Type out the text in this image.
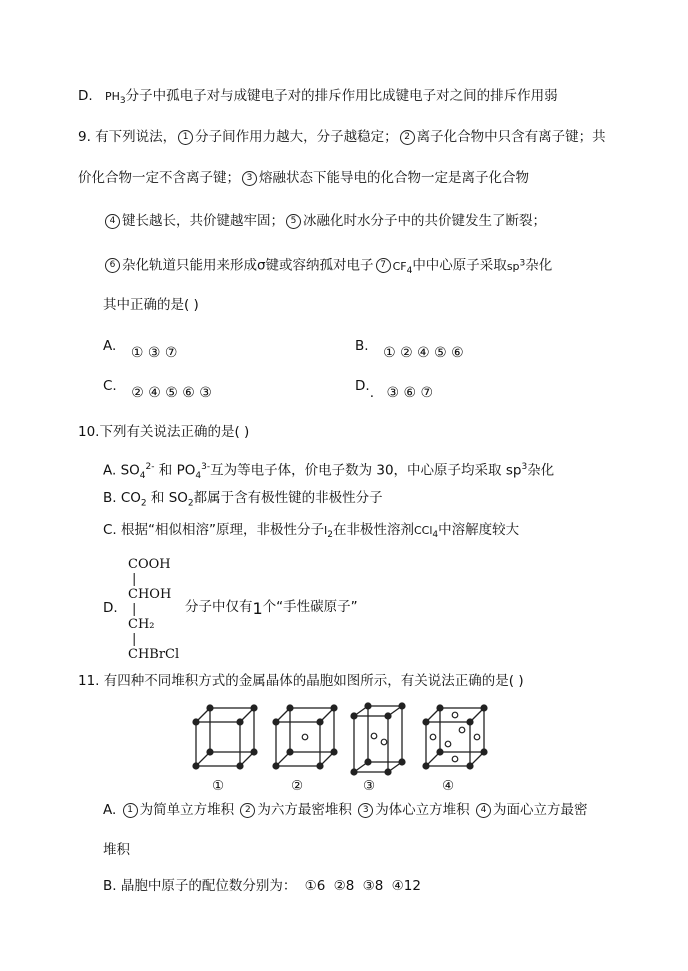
D. $PH_3$分子中孤电子对与成键电子对的排斥作用比成键电子对之间的排斥作用弱
9. 有下列说法， 1 分子间作用力越大，分子越稳定； 2 离子化合物中只含有离子键；共
价化合物一定不含离子键； 3 熔融状态下能导电的化合物一定是离子化合物
4 键长越长，共价键越牢固； 5 冰融化时水分子中的共价键发生了断裂；
6 杂化轨道只能用来形成σ键或容纳孤对电子 7 $CF_4$中中心原子采取$sp^3$杂化
其中正确的是( )
A. ① ③ ⑦	B. ① ② ④ ⑤ ⑥
C. ② ④ ⑤ ⑥ ③	D.. ③ ⑥ ⑦
10.下列有关说法正确的是( )
A. $SO_4^{2-}$ 和 $PO_4^{3-}$互为等电子体，价电子数为 30，中心原子均采取 $sp^3$杂化
B. $CO_2$ 和 $SO_2$都属于含有极性键的非极性分子
C. 根据“相似相溶”原理，非极性分子$I_2$在非极性溶剂CCl$_4$中溶解度较大
COOH
|
CHOH
|
CH₂
|
CHBrCl
D.	分子中仅有1个“手性碳原子”
11. 有四种不同堆积方式的金属晶体的晶胞如图所示，有关说法正确的是( )
①	②	③	④
A. 1 为简单立方堆积 2 为六方最密堆积 3 为体心立方堆积 4 为面心立方最密
堆积
B. 晶胞中原子的配位数分别为： ①6 ②8 ③8 ④12
